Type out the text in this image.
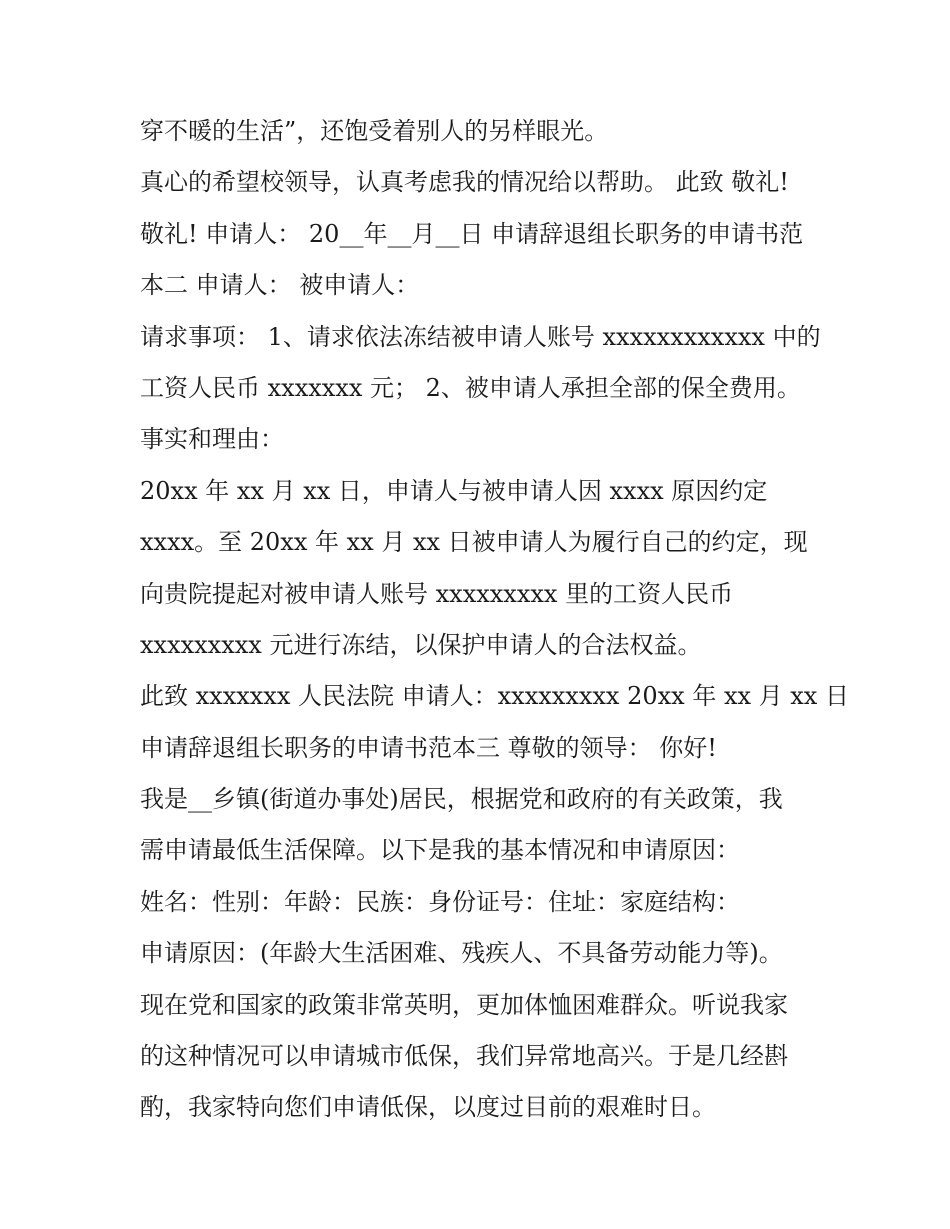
穿不暖的生活”，还饱受着别人的另样眼光。
真心的希望校领导，认真考虑我的情况给以帮助。 此致 敬礼!
敬礼! 申请人： 20__年__月__日 申请辞退组长职务的申请书范
本二 申请人： 被申请人：
请求事项： 1、请求依法冻结被申请人账号 xxxxxxxxxxxx 中的
工资人民币 xxxxxxx 元； 2、被申请人承担全部的保全费用。
事实和理由：
20xx 年 xx 月 xx 日，申请人与被申请人因 xxxx 原因约定
xxxx。至 20xx 年 xx 月 xx 日被申请人为履行自己的约定，现
向贵院提起对被申请人账号 xxxxxxxxx 里的工资人民币
xxxxxxxxx 元进行冻结，以保护申请人的合法权益。
此致 xxxxxxx 人民法院 申请人：xxxxxxxxx 20xx 年 xx 月 xx 日
申请辞退组长职务的申请书范本三 尊敬的领导： 你好!
我是__乡镇(街道办事处)居民，根据党和政府的有关政策，我
需申请最低生活保障。以下是我的基本情况和申请原因：
姓名：性别：年龄：民族：身份证号：住址：家庭结构：
申请原因：(年龄大生活困难、残疾人、不具备劳动能力等)。
现在党和国家的政策非常英明，更加体恤困难群众。听说我家
的这种情况可以申请城市低保，我们异常地高兴。于是几经斟
酌，我家特向您们申请低保，以度过目前的艰难时日。
